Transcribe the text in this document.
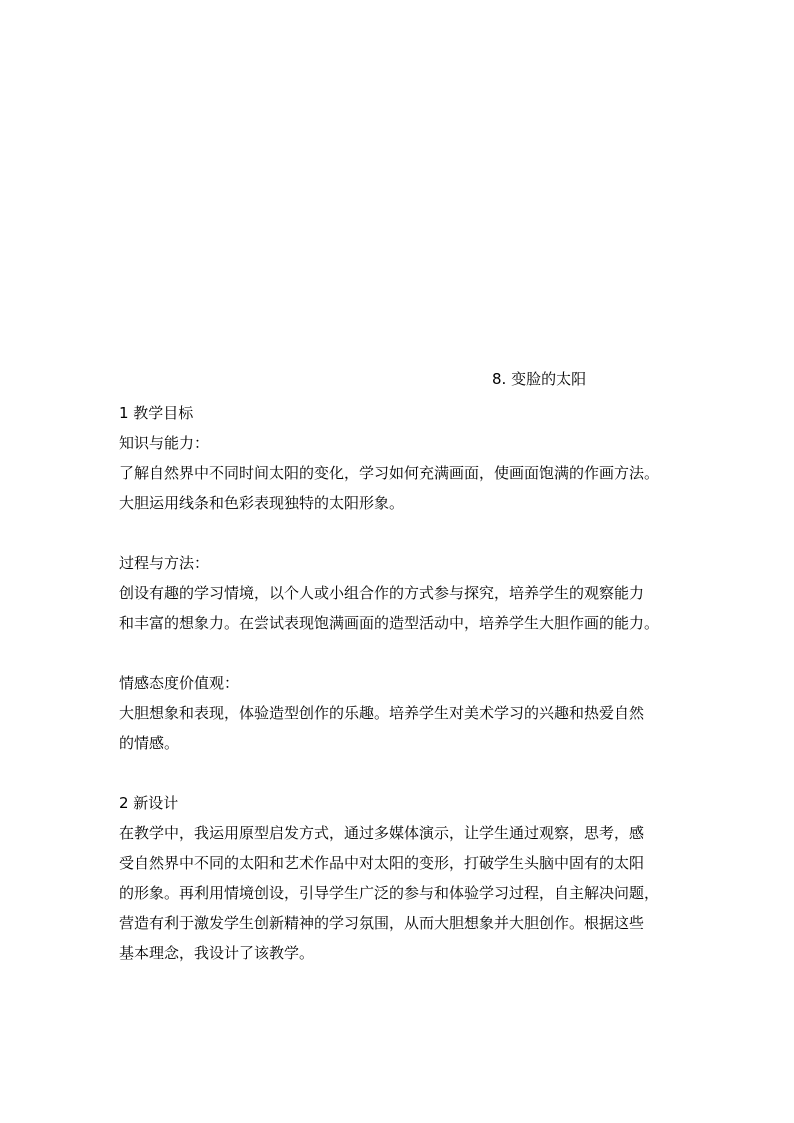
8. 变脸的太阳
1 教学目标
知识与能力：
了解自然界中不同时间太阳的变化，学习如何充满画面，使画面饱满的作画方法。
大胆运用线条和色彩表现独特的太阳形象。
过程与方法：
创设有趣的学习情境，以个人或小组合作的方式参与探究，培养学生的观察能力
和丰富的想象力。在尝试表现饱满画面的造型活动中，培养学生大胆作画的能力。
情感态度价值观：
大胆想象和表现，体验造型创作的乐趣。培养学生对美术学习的兴趣和热爱自然
的情感。
2 新设计
在教学中，我运用原型启发方式，通过多媒体演示，让学生通过观察，思考，感
受自然界中不同的太阳和艺术作品中对太阳的变形，打破学生头脑中固有的太阳
的形象。再利用情境创设，引导学生广泛的参与和体验学习过程，自主解决问题，
营造有利于激发学生创新精神的学习氛围，从而大胆想象并大胆创作。根据这些
基本理念，我设计了该教学。
